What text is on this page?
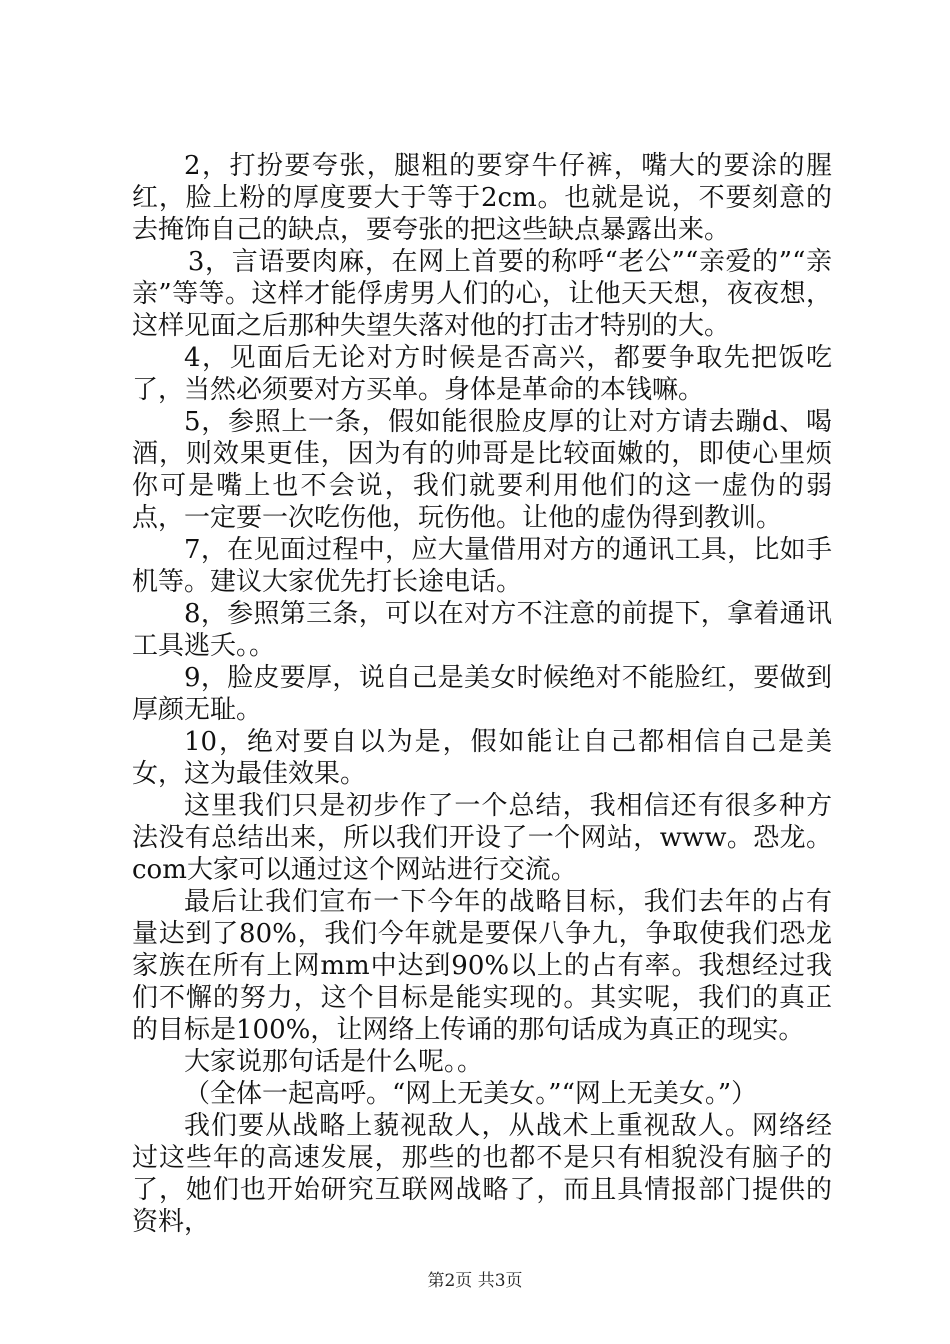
2，打扮要夸张，腿粗的要穿牛仔裤，嘴大的要涂的腥红，脸上粉的厚度要大于等于2cm。也就是说，不要刻意的去掩饰自己的缺点，要夸张的把这些缺点暴露出来。

3，言语要肉麻，在网上首要的称呼“老公”“亲爱的”“亲亲”等等。这样才能俘虏男人们的心，让他天天想，夜夜想，这样见面之后那种失望失落对他的打击才特别的大。

4，见面后无论对方时候是否高兴，都要争取先把饭吃了，当然必须要对方买单。身体是革命的本钱嘛。

5，参照上一条，假如能很脸皮厚的让对方请去蹦d、喝酒，则效果更佳，因为有的帅哥是比较面嫩的，即使心里烦你可是嘴上也不会说，我们就要利用他们的这一虚伪的弱点，一定要一次吃伤他，玩伤他。让他的虚伪得到教训。

7，在见面过程中，应大量借用对方的通讯工具，比如手机等。建议大家优先打长途电话。

8，参照第三条，可以在对方不注意的前提下，拿着通讯工具逃夭。。

9，脸皮要厚，说自己是美女时候绝对不能脸红，要做到厚颜无耻。

10，绝对要自以为是，假如能让自己都相信自己是美女，这为最佳效果。

这里我们只是初步作了一个总结，我相信还有很多种方法没有总结出来，所以我们开设了一个网站，www。恐龙。com大家可以通过这个网站进行交流。

最后让我们宣布一下今年的战略目标，我们去年的占有量达到了80%，我们今年就是要保八争九，争取使我们恐龙家族在所有上网mm中达到90%以上的占有率。我想经过我们不懈的努力，这个目标是能实现的。其实呢，我们的真正的目标是100%，让网络上传诵的那句话成为真正的现实。

大家说那句话是什么呢。。

（全体一起高呼。“网上无美女。”“网上无美女。”）

我们要从战略上藐视敌人，从战术上重视敌人。网络经过这些年的高速发展，那些的也都不是只有相貌没有脑子的了，她们也开始研究互联网战略了，而且具情报部门提供的资料，

第2页 共3页
